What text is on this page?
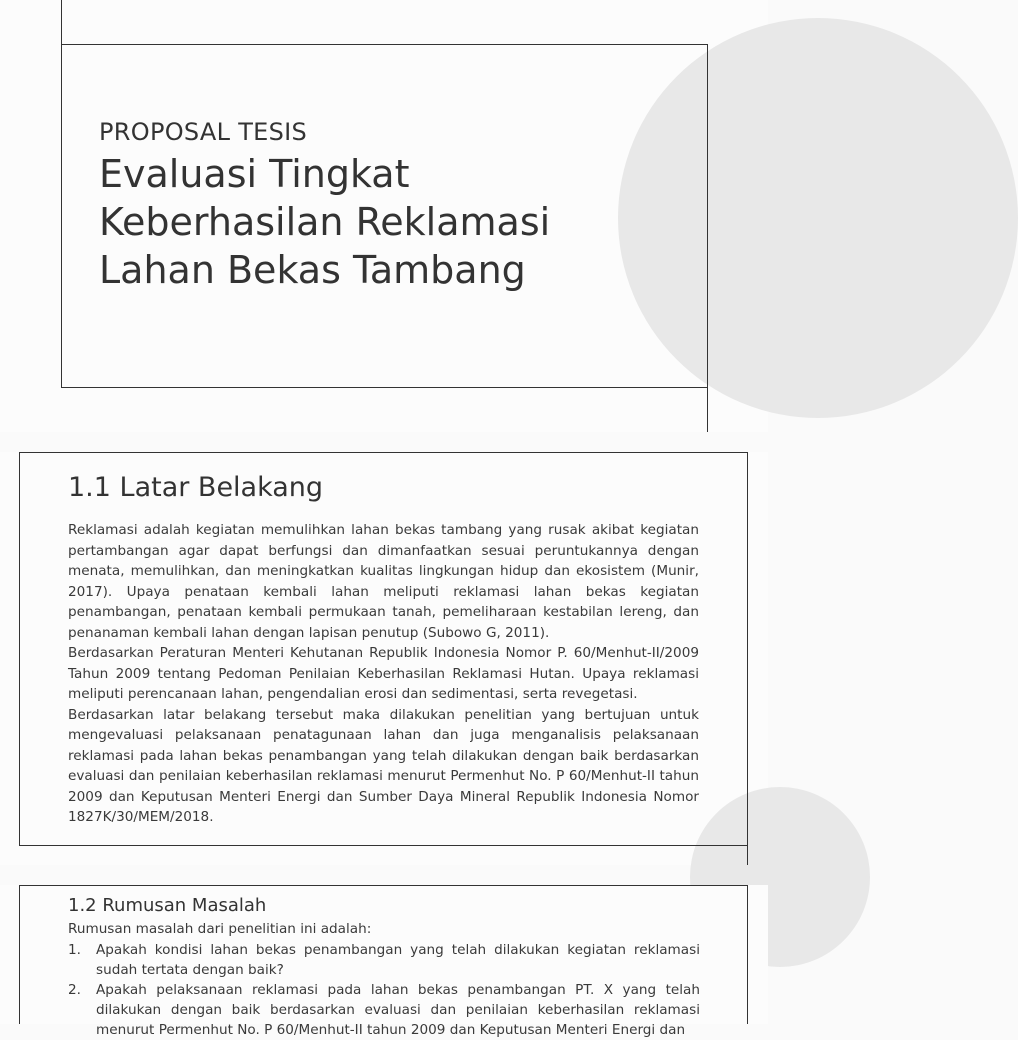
PROPOSAL TESIS
Evaluasi Tingkat Keberhasilan Reklamasi Lahan Bekas Tambang
1.1 Latar Belakang

Reklamasi adalah kegiatan memulihkan lahan bekas tambang yang rusak akibat kegiatan pertambangan agar dapat berfungsi dan dimanfaatkan sesuai peruntukannya dengan menata, memulihkan, dan meningkatkan kualitas lingkungan hidup dan ekosistem (Munir, 2017). Upaya penataan kembali lahan meliputi reklamasi lahan bekas kegiatan penambangan, penataan kembali permukaan tanah, pemeliharaan kestabilan lereng, dan penanaman kembali lahan dengan lapisan penutup (Subowo G, 2011).

Berdasarkan Peraturan Menteri Kehutanan Republik Indonesia Nomor P. 60/Menhut-II/2009 Tahun 2009 tentang Pedoman Penilaian Keberhasilan Reklamasi Hutan. Upaya reklamasi meliputi perencanaan lahan, pengendalian erosi dan sedimentasi, serta revegetasi.

Berdasarkan latar belakang tersebut maka dilakukan penelitian yang bertujuan untuk mengevaluasi pelaksanaan penatagunaan lahan dan juga menganalisis pelaksanaan reklamasi pada lahan bekas penambangan yang telah dilakukan dengan baik berdasarkan evaluasi dan penilaian keberhasilan reklamasi menurut Permenhut No. P 60/Menhut-II tahun 2009 dan Keputusan Menteri Energi dan Sumber Daya Mineral Republik Indonesia Nomor 1827K/30/MEM/2018.

1.2 Rumusan Masalah
Rumusan masalah dari penelitian ini adalah:
1. Apakah kondisi lahan bekas penambangan yang telah dilakukan kegiatan reklamasi sudah tertata dengan baik?
2. Apakah pelaksanaan reklamasi pada lahan bekas penambangan PT. X yang telah dilakukan dengan baik berdasarkan evaluasi dan penilaian keberhasilan reklamasi menurut Permenhut No. P 60/Menhut-II tahun 2009 dan Keputusan Menteri Energi dan
